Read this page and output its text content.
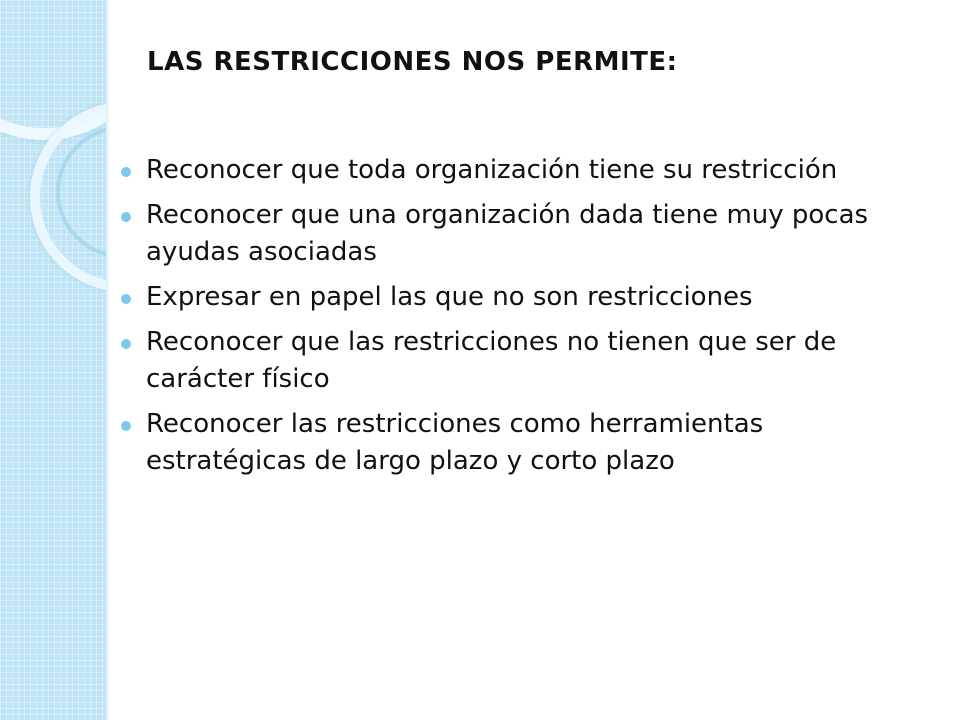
LAS RESTRICCIONES NOS PERMITE:
Reconocer que toda organización tiene su restricción
Reconocer que una organización dada tiene muy pocas ayudas asociadas
Expresar en papel las que no son restricciones
Reconocer que las restricciones no tienen que ser de carácter físico
Reconocer las restricciones como herramientas estratégicas de largo plazo y corto plazo
